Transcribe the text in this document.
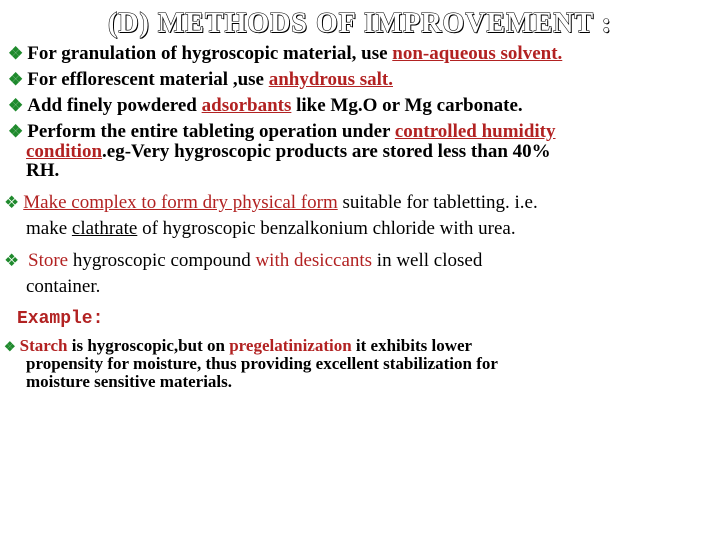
(D) METHODS OF IMPROVEMENT :
❖ For granulation of hygroscopic material, use non-aqueous solvent.
❖ For efflorescent material ,use anhydrous salt.
❖ Add finely powdered adsorbants like Mg.O or Mg carbonate.
❖ Perform the entire tableting operation under controlled humidity
condition.eg-Very hygroscopic products are stored less than 40%
RH.
❖ Make complex to form dry physical form suitable for tabletting. i.e.
make clathrate of hygroscopic benzalkonium chloride with urea.
❖ Store hygroscopic compound with desiccants in well closed
container.
Example:
❖ Starch is hygroscopic,but on pregelatinization it exhibits lower
propensity for moisture, thus providing excellent stabilization for
moisture sensitive materials.
